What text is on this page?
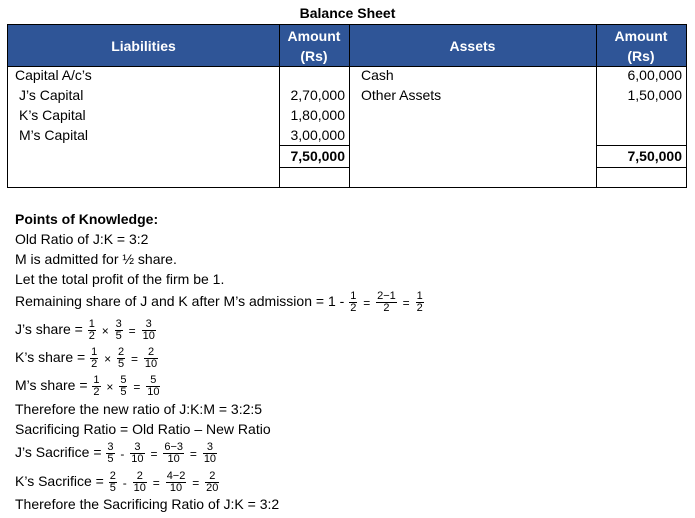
Balance Sheet
Liabilities
Amount
(Rs)
Assets
Amount
(Rs)
Capital A/c’s
J’s Capital
K’s Capital
M’s Capital
2,70,000
1,80,000
3,00,000
7,50,000
Cash
Other Assets
6,00,000
1,50,000
7,50,000
Points of Knowledge:
Old Ratio of J:K = 3:2
M is admitted for ½ share.
Let the total profit of the firm be 1.
Remaining share of J and K after M’s admission = $1 - \frac{1}{2} = \frac{2-1}{2} = \frac{1}{2}$
J’s share = $\frac{1}{2} \times \frac{3}{5} = \frac{3}{10}$
K’s share = $\frac{1}{2} \times \frac{2}{5} = \frac{2}{10}$
M’s share = $\frac{1}{2} \times \frac{5}{5} = \frac{5}{10}$
Therefore the new ratio of J:K:M = 3:2:5
Sacrificing Ratio = Old Ratio – New Ratio
J’s Sacrifice = $\frac{3}{5} - \frac{3}{10} = \frac{6-3}{10} = \frac{3}{10}$
K’s Sacrifice = $\frac{2}{5} - \frac{2}{10} = \frac{4-2}{10} = \frac{2}{20}$
Therefore the Sacrificing Ratio of J:K = 3:2
